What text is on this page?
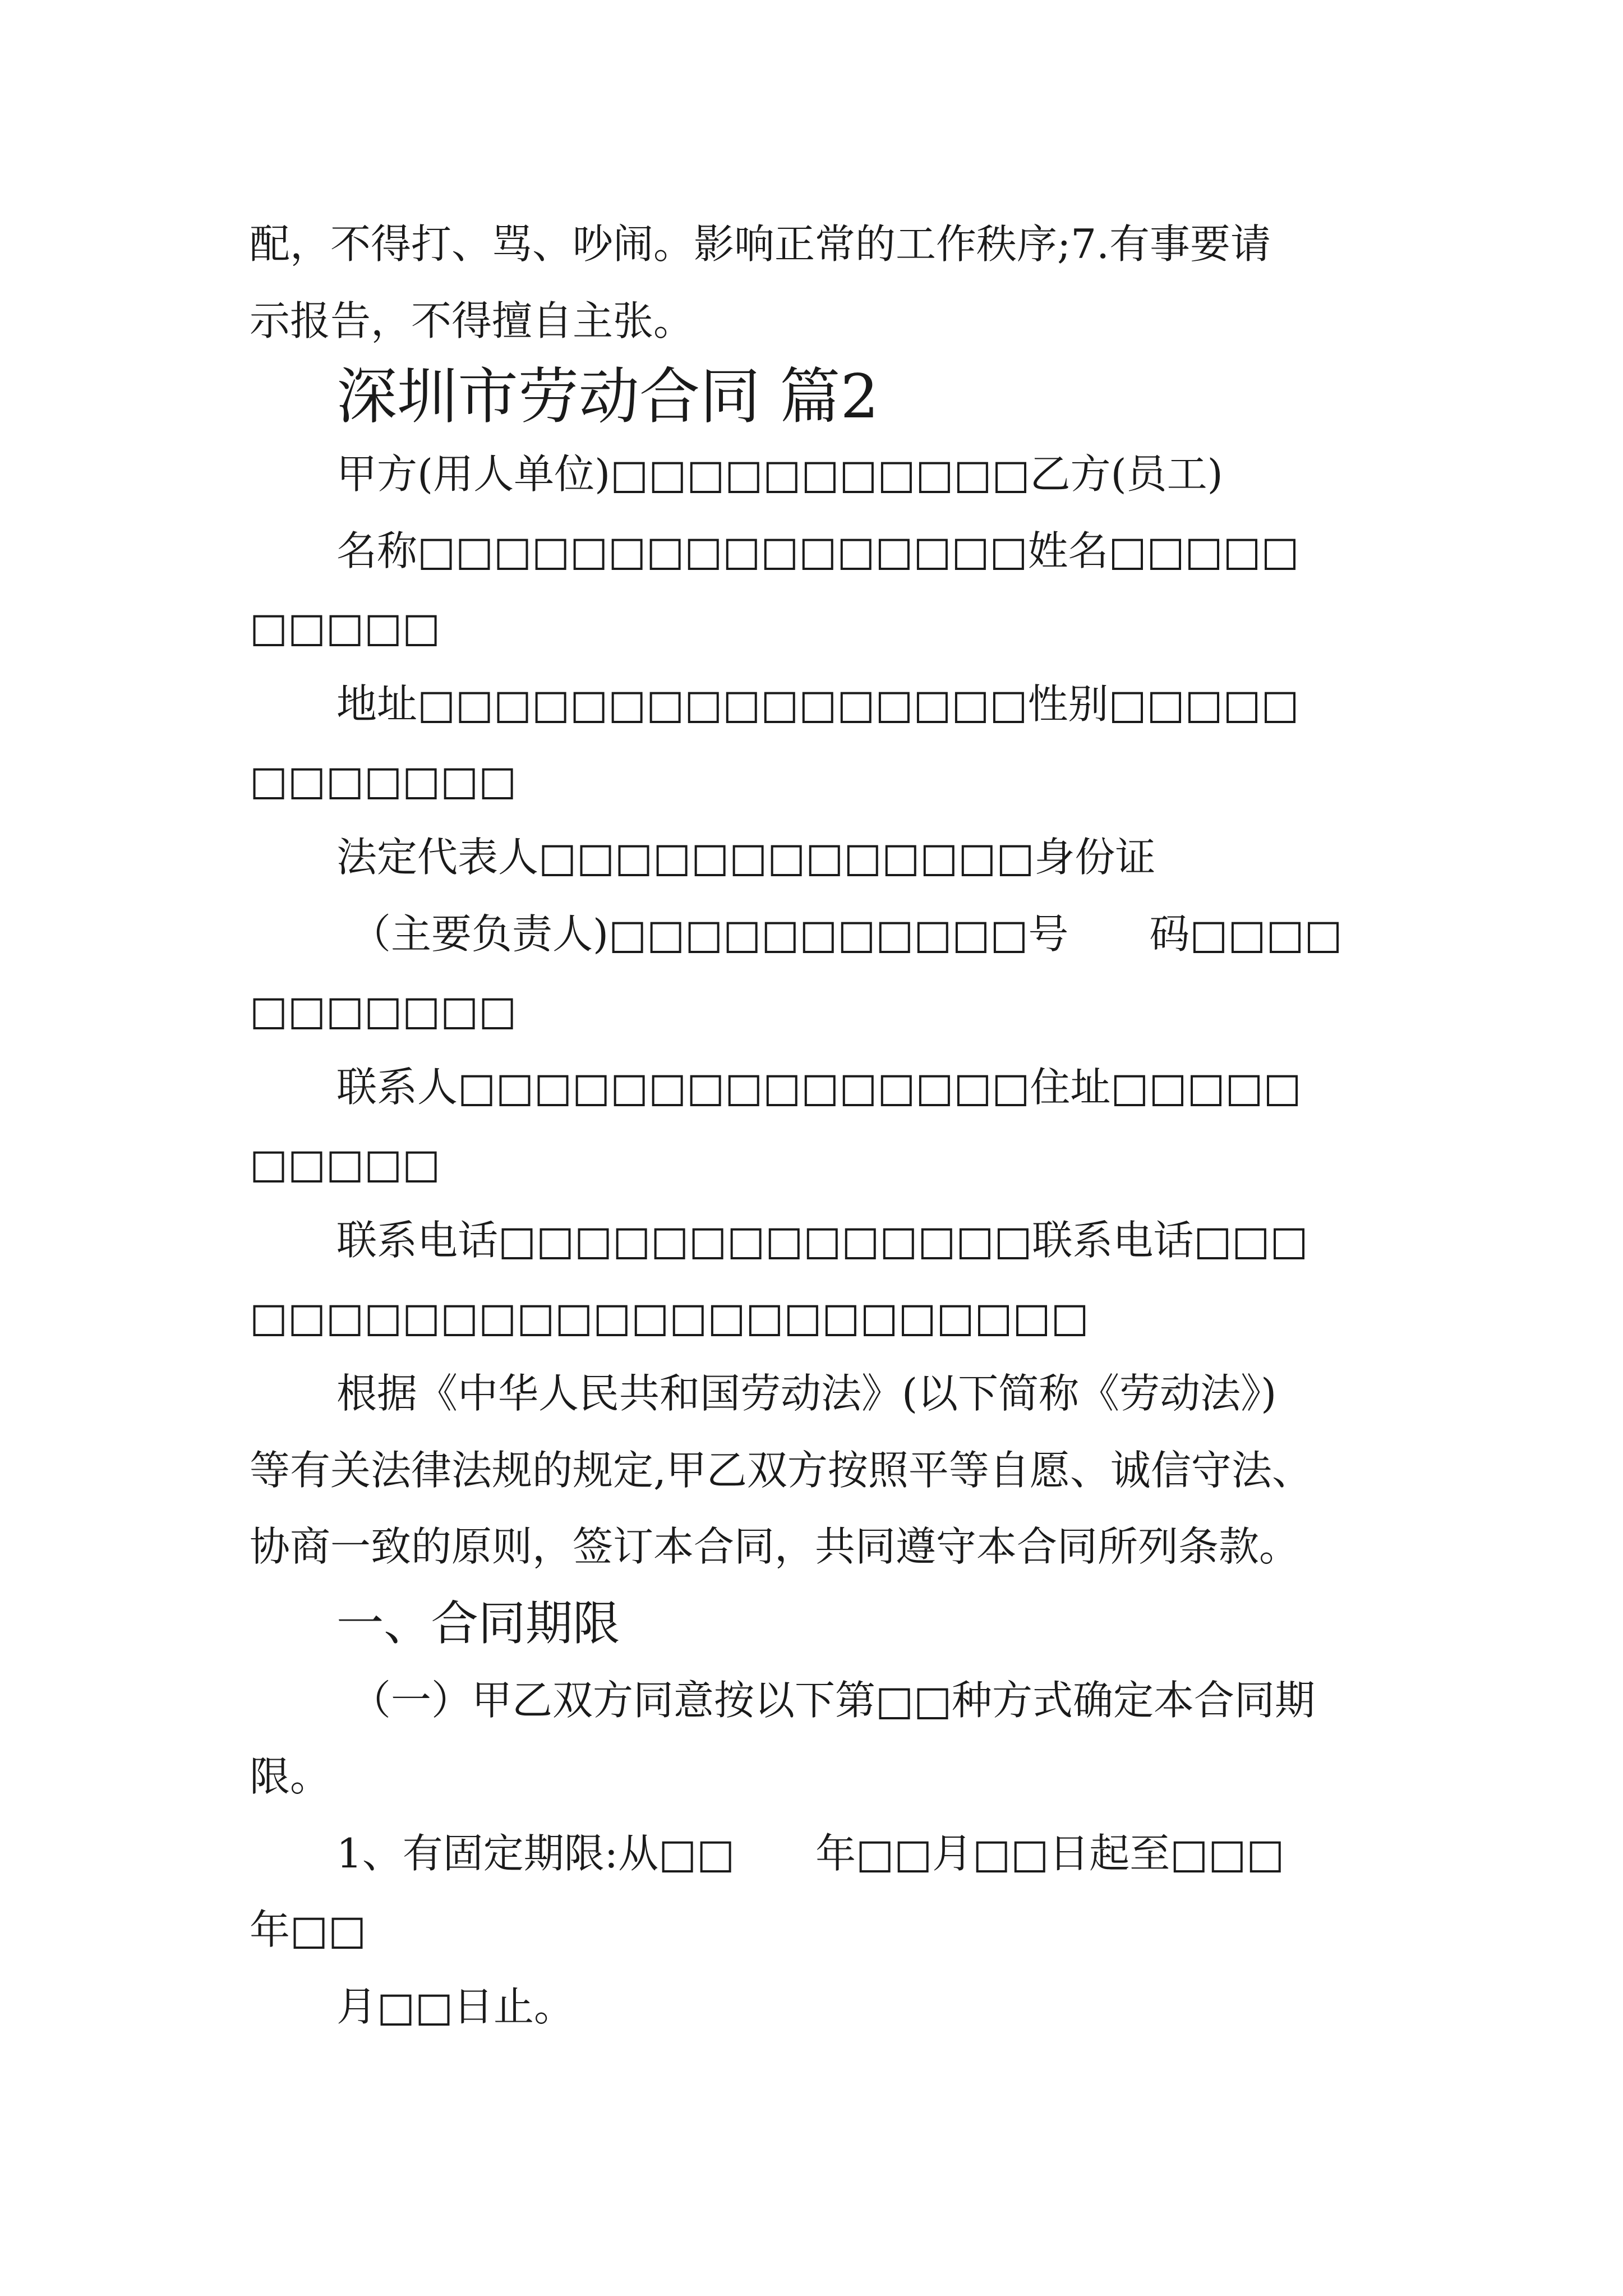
配，不得打、骂、吵闹。影响正常的工作秩序;7.有事要请

示报告，不得擅自主张。

深圳市劳动合同 篇2

甲方(用人单位)□□□□□□□□□□□乙方(员工)

名称□□□□□□□□□□□□□□□□姓名□□□□□

□□□□□

地址□□□□□□□□□□□□□□□□性别□□□□□

□□□□□□□

法定代表人□□□□□□□□□□□□□身份证

（主要负责人)□□□□□□□□□□□号　　码□□□□

□□□□□□□

联系人□□□□□□□□□□□□□□□住址□□□□□

□□□□□

联系电话□□□□□□□□□□□□□□联系电话□□□

□□□□□□□□□□□□□□□□□□□□□□

根据《中华人民共和国劳动法》(以下简称《劳动法》)

等有关法律法规的规定,甲乙双方按照平等自愿、诚信守法、

协商一致的原则，签订本合同，共同遵守本合同所列条款。

一、合同期限

（一）甲乙双方同意按以下第□□种方式确定本合同期

限。

1、有固定期限:从□□　　年□□月□□日起至□□□

年□□

月□□日止。
